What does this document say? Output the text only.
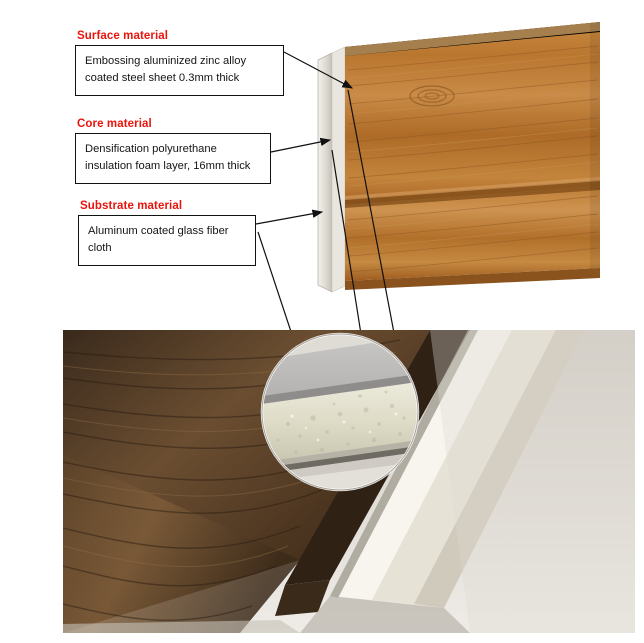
Surface material
Embossing aluminized zinc alloy
coated steel sheet 0.3mm thick
Core material
Densification polyurethane
insulation foam layer, 16mm thick
Substrate material
Aluminum coated glass fiber
cloth
